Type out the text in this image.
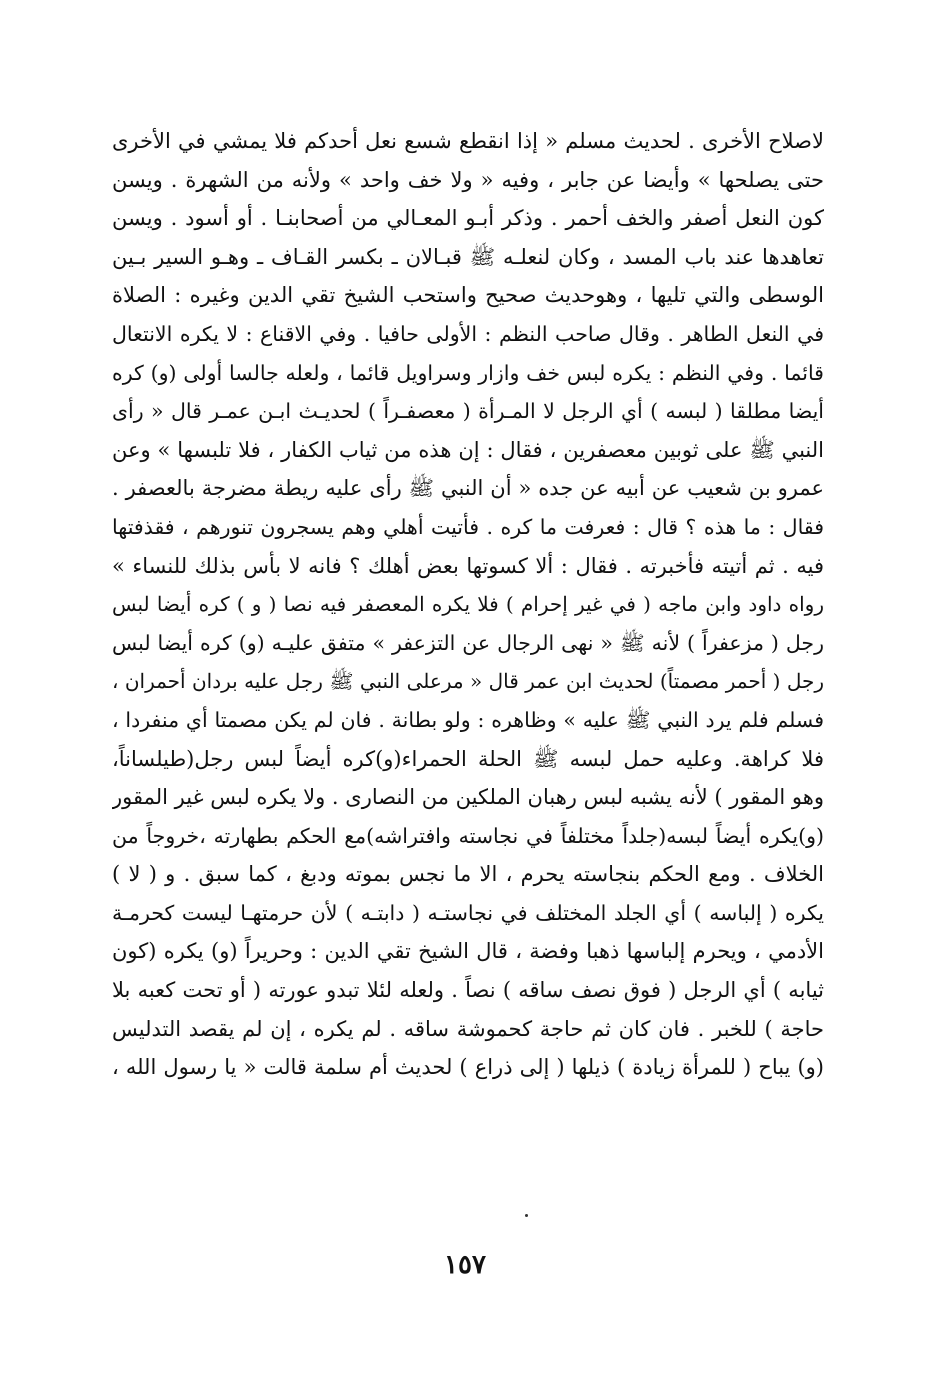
لاصلاح الأخرى . لحديث مسلم « إذا انقطع شسع نعل أحدكم فلا يمشي في الأخرى
حتى يصلحها » وأيضا عن جابر ، وفيه « ولا خف واحد » ولأنه من الشهرة . ويسن
كون النعل أصفر والخف أحمر . وذكر أبـو المعـالي من أصحابنـا . أو أسود . ويسن
تعاهدها عند باب المسد ، وكان لنعلـه ﷺ قبـالان ـ بكسر القـاف ـ وهـو السير بـين
الوسطى والتي تليها ، وهوحديث صحيح واستحب الشيخ تقي الدين وغيره : الصلاة
في النعل الطاهر . وقال صاحب النظم : الأولى حافيا . وفي الاقناع : لا يكره الانتعال
قائما . وفي النظم : يكره لبس خف وازار وسراويل قائما ، ولعله جالسا أولى (و) كره
أيضا مطلقا ( لبسه ) أي الرجل لا المـرأة ( معصفـراً ) لحديـث ابـن عمـر قال « رأى
النبي ﷺ على ثوبين معصفرين ، فقال : إن هذه من ثياب الكفار ، فلا تلبسها » وعن
عمرو بن شعيب عن أبيه عن جده « أن النبي ﷺ رأى عليه ريطة مضرجة بالعصفر .
فقال : ما هذه ؟ قال : فعرفت ما كره . فأتيت أهلي وهم يسجرون تنورهم ، فقذفتها
فيه . ثم أتيته فأخبرته . فقال : ألا كسوتها بعض أهلك ؟ فانه لا بأس بذلك للنساء »
رواه داود وابن ماجه ( في غير إحرام ) فلا يكره المعصفر فيه نصا ( و ) كره أيضا لبس
رجل ( مزعفراً ) لأنه ﷺ « نهى الرجال عن التزعفر » متفق عليـه (و) كره أيضا لبس
رجل ( أحمر مصمتاً) لحديث ابن عمر قال « مرعلى النبي ﷺ رجل عليه بردان أحمران ،
فسلم فلم يرد النبي ﷺ عليه » وظاهره : ولو بطانة . فان لم يكن مصمتا أي منفردا ،
فلا كراهة. وعليه حمل لبسه ﷺ الحلة الحمراء(و)كره أيضاً لبس رجل(طيلساناً،
وهو المقور ) لأنه يشبه لبس رهبان الملكين من النصارى . ولا يكره لبس غير المقور
(و)يكره أيضاً لبسه(جلداً مختلفاً في نجاسته وافتراشه)مع الحكم بطهارته ،خروجاً من
الخلاف . ومع الحكم بنجاسته يحرم ، الا ما نجس بموته ودبغ ، كما سبق . و ( لا )
يكره ( إلباسه ) أي الجلد المختلف في نجاستـه ( دابتـه ) لأن حرمتهـا ليست كحرمـة
الأدمي ، ويحرم إلباسها ذهبا وفضة ، قال الشيخ تقي الدين : وحريراً (و) يكره (كون
ثيابه ) أي الرجل ( فوق نصف ساقه ) نصاً . ولعله لئلا تبدو عورته ( أو تحت كعبه بلا
حاجة ) للخبر . فان كان ثم حاجة كحموشة ساقه . لم يكره ، إن لم يقصد التدليس
(و) يباح ( للمرأة زيادة ) ذيلها ( إلى ذراع ) لحديث أم سلمة قالت « يا رسول الله ،
١٥٧
